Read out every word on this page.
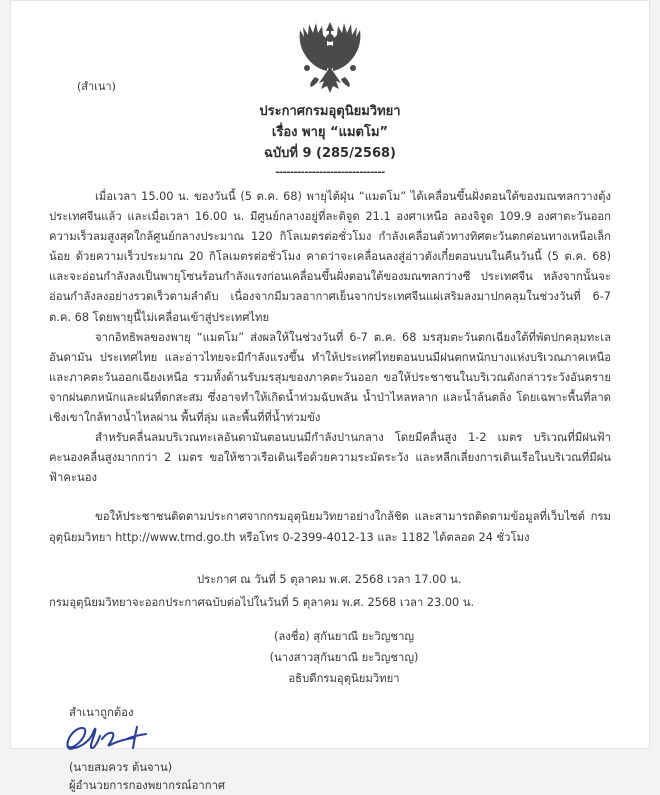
(สำเนา)
ประกาศกรมอุตุนิยมวิทยา
เรื่อง พายุ “แมตโม”
ฉบับที่ 9 (285/2568)
------------------------------

เมื่อเวลา 15.00 น. ของวันนี้ (5 ต.ค. 68) พายุไต้ฝุ่น “แมตโม” ได้เคลื่อนขึ้นฝั่งตอนใต้ของมณฑลกวางตุ้ง ประเทศจีนแล้ว และเมื่อเวลา 16.00 น. มีศูนย์กลางอยู่ที่ละติจูด 21.1 องศาเหนือ ลองจิจูด 109.9 องศาตะวันออก ความเร็วลมสูงสุดใกล้ศูนย์กลางประมาณ 120 กิโลเมตรต่อชั่วโมง กำลังเคลื่อนตัวทางทิศตะวันตกค่อนทางเหนือเล็กน้อย ด้วยความเร็วประมาณ 20 กิโลเมตรต่อชั่วโมง คาดว่าจะเคลื่อนลงสู่อ่าวตังเกี๋ยตอนบนในคืนวันนี้ (5 ต.ค. 68) และจะอ่อนกำลังลงเป็นพายุโซนร้อนกำลังแรงก่อนเคลื่อนขึ้นฝั่งตอนใต้ของมณฑลกว่างซี ประเทศจีน หลังจากนั้นจะอ่อนกำลังลงอย่างรวดเร็วตามลำดับ เนื่องจากมีมวลอากาศเย็นจากประเทศจีนแผ่เสริมลงมาปกคลุมในช่วงวันที่ 6-7 ต.ค. 68 โดยพายุนี้ไม่เคลื่อนเข้าสู่ประเทศไทย

จากอิทธิพลของพายุ “แมตโม” ส่งผลให้ในช่วงวันที่ 6-7 ต.ค. 68 มรสุมตะวันตกเฉียงใต้ที่พัดปกคลุมทะเลอันดามัน ประเทศไทย และอ่าวไทยจะมีกำลังแรงขึ้น ทำให้ประเทศไทยตอนบนมีฝนตกหนักบางแห่งบริเวณภาคเหนือ และภาคตะวันออกเฉียงเหนือ รวมทั้งด้านรับมรสุมของภาคตะวันออก ขอให้ประชาชนในบริเวณดังกล่าวระวังอันตรายจากฝนตกหนักและฝนที่ตกสะสม ซึ่งอาจทำให้เกิดน้ำท่วมฉับพลัน น้ำป่าไหลหลาก และน้ำล้นตลิ่ง โดยเฉพาะพื้นที่ลาดเชิงเขาใกล้ทางน้ำไหลผ่าน พื้นที่ลุ่ม และพื้นที่ที่น้ำท่วมขัง

สำหรับคลื่นลมบริเวณทะเลอันดามันตอนบนมีกำลังปานกลาง โดยมีคลื่นสูง 1-2 เมตร บริเวณที่มีฝนฟ้าคะนองคลื่นสูงมากกว่า 2 เมตร ขอให้ชาวเรือเดินเรือด้วยความระมัดระวัง และหลีกเลี่ยงการเดินเรือในบริเวณที่มีฝนฟ้าคะนอง

ขอให้ประชาชนติดตามประกาศจากกรมอุตุนิยมวิทยาอย่างใกล้ชิด และสามารถติดตามข้อมูลที่เว็บไซต์ กรมอุตุนิยมวิทยา http://www.tmd.go.th หรือโทร 0-2399-4012-13 และ 1182 ได้ตลอด 24 ชั่วโมง

ประกาศ ณ วันที่ 5 ตุลาคม พ.ศ. 2568 เวลา 17.00 น.
กรมอุตุนิยมวิทยาจะออกประกาศฉบับต่อไปในวันที่ 5 ตุลาคม พ.ศ. 2568 เวลา 23.00 น.
(ลงชื่อ) สุกันยาณี ยะวิญชาญ
(นางสาวสุกันยาณี ยะวิญชาญ)
อธิบดีกรมอุตุนิยมวิทยา
สำเนาถูกต้อง
(นายสมควร ต้นจาน)
ผู้อำนวยการกองพยากรณ์อากาศ
